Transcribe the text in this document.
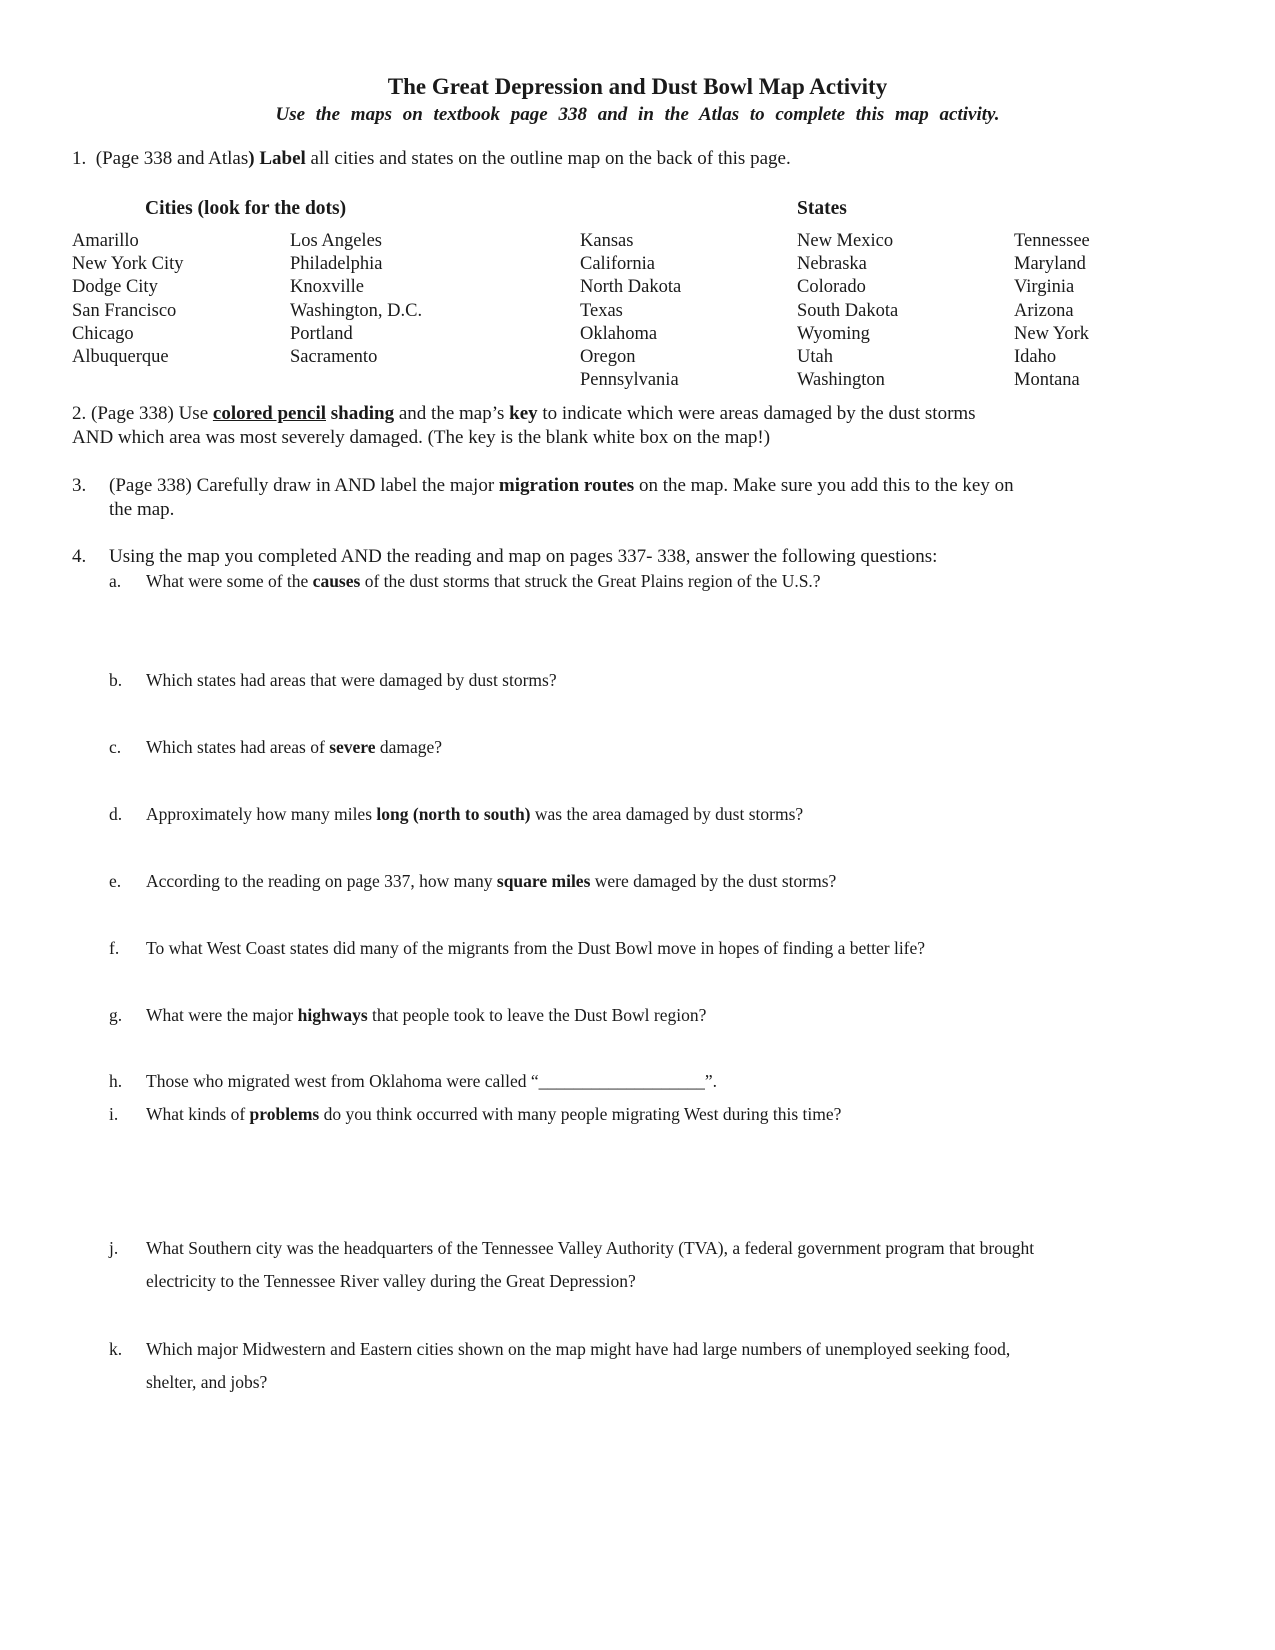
The Great Depression and Dust Bowl Map Activity
Use the maps on textbook page 338 and in the Atlas to complete this map activity.
1. (Page 338 and Atlas) Label all cities and states on the outline map on the back of this page.
Cities (look for the dots)	States
Amarillo
New York City
Dodge City
San Francisco
Chicago
Albuquerque
Los Angeles
Philadelphia
Knoxville
Washington, D.C.
Portland
Sacramento
Kansas
California
North Dakota
Texas
Oklahoma
Oregon
Pennsylvania
New Mexico
Nebraska
Colorado
South Dakota
Wyoming
Utah
Washington
Tennessee
Maryland
Virginia
Arizona
New York
Idaho
Montana
2. (Page 338) Use colored pencil shading and the map’s key to indicate which were areas damaged by the dust storms
AND which area was most severely damaged. (The key is the blank white box on the map!)
3. (Page 338) Carefully draw in AND label the major migration routes on the map. Make sure you add this to the key on
the map.
4. Using the map you completed AND the reading and map on pages 337- 338, answer the following questions:
a. What were some of the causes of the dust storms that struck the Great Plains region of the U.S.?
b. Which states had areas that were damaged by dust storms?
c. Which states had areas of severe damage?
d. Approximately how many miles long (north to south) was the area damaged by dust storms?
e. According to the reading on page 337, how many square miles were damaged by the dust storms?
f. To what West Coast states did many of the migrants from the Dust Bowl move in hopes of finding a better life?
g. What were the major highways that people took to leave the Dust Bowl region?
h. Those who migrated west from Oklahoma were called “___________________”.
i. What kinds of problems do you think occurred with many people migrating West during this time?
j. What Southern city was the headquarters of the Tennessee Valley Authority (TVA), a federal government program that brought
electricity to the Tennessee River valley during the Great Depression?
k. Which major Midwestern and Eastern cities shown on the map might have had large numbers of unemployed seeking food,
shelter, and jobs?
